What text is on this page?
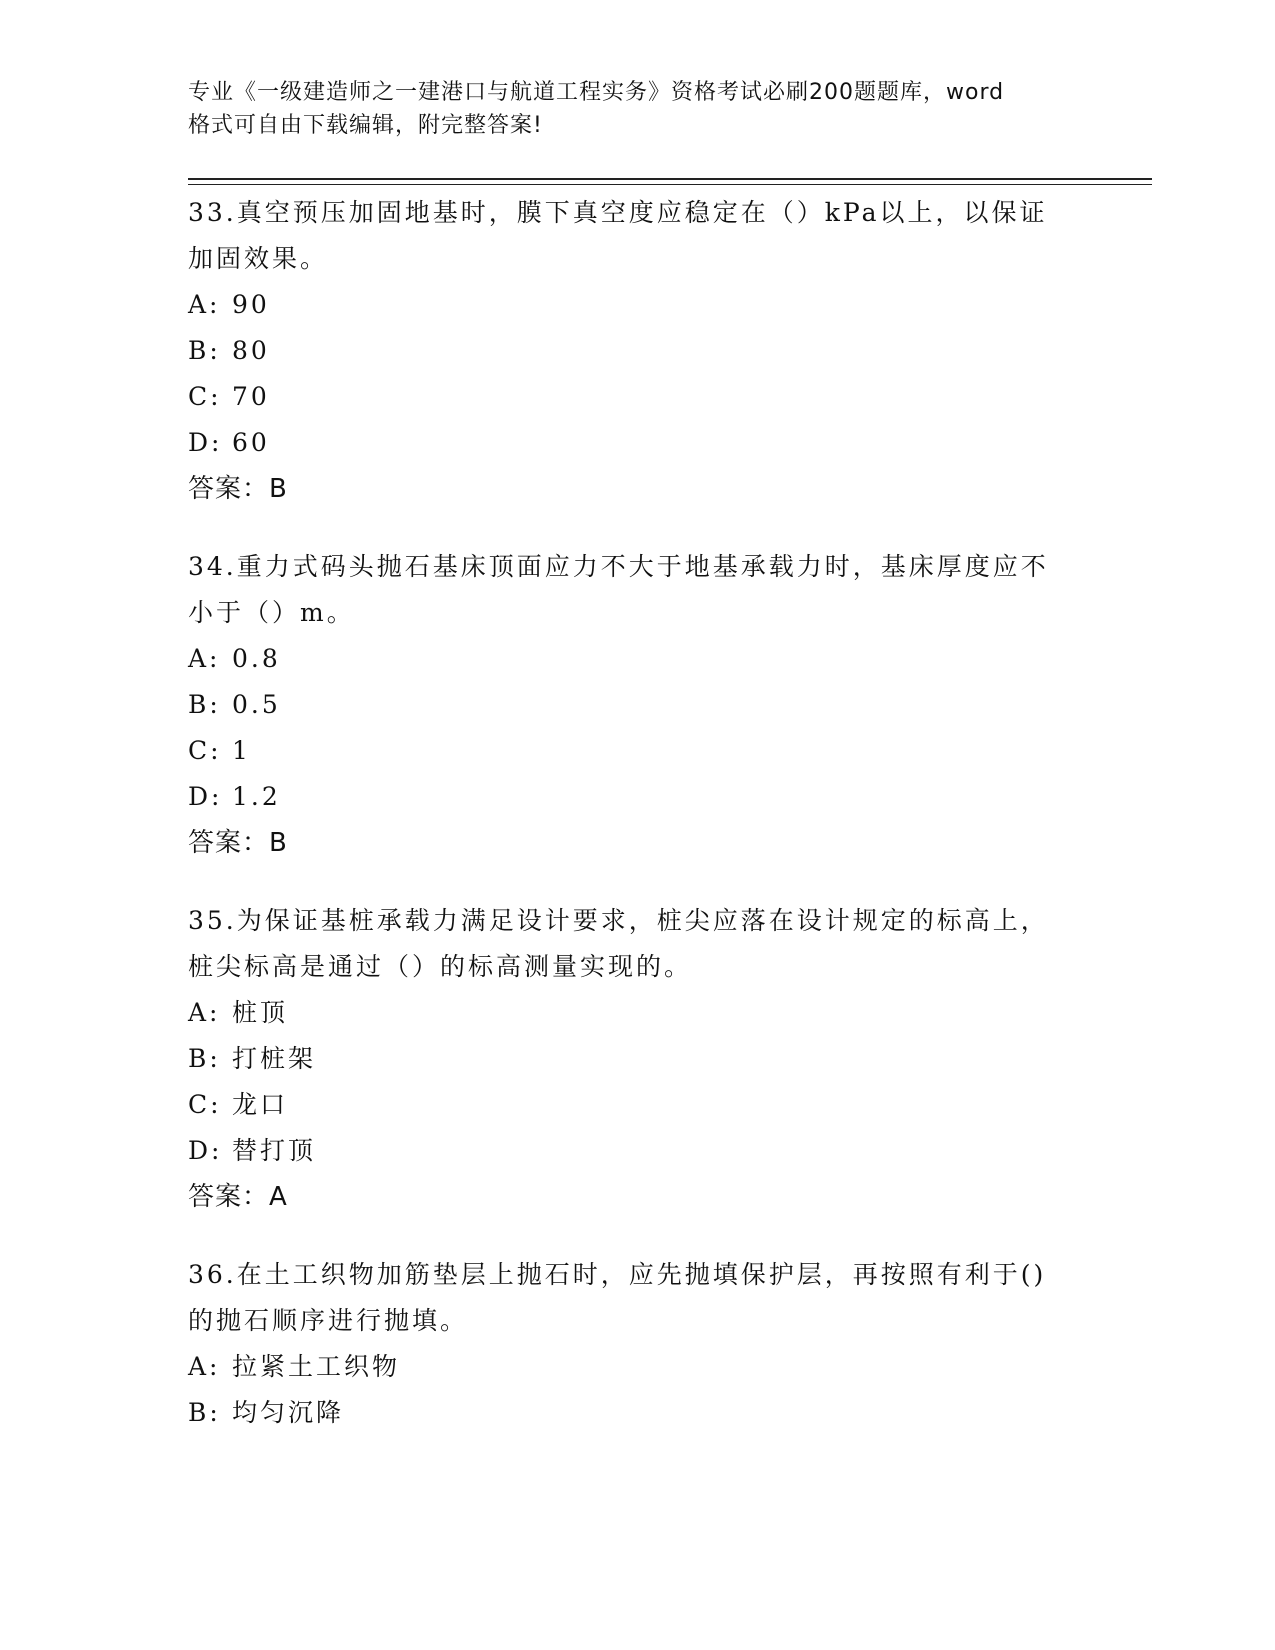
专业《一级建造师之一建港口与航道工程实务》资格考试必刷200题题库，word
格式可自由下载编辑，附完整答案!

33.真空预压加固地基时，膜下真空度应稳定在（）kPa以上，以保证

加固效果。

A: 90

B: 80

C: 70

D: 60

答案：B

34.重力式码头抛石基床顶面应力不大于地基承载力时，基床厚度应不

小于（）m。

A: 0.8

B: 0.5

C: 1

D: 1.2

答案：B

35.为保证基桩承载力满足设计要求，桩尖应落在设计规定的标高上，

桩尖标高是通过（）的标高测量实现的。

A: 桩顶

B: 打桩架

C: 龙口

D: 替打顶

答案：A

36.在土工织物加筋垫层上抛石时，应先抛填保护层，再按照有利于()

的抛石顺序进行抛填。

A: 拉紧土工织物

B: 均匀沉降
